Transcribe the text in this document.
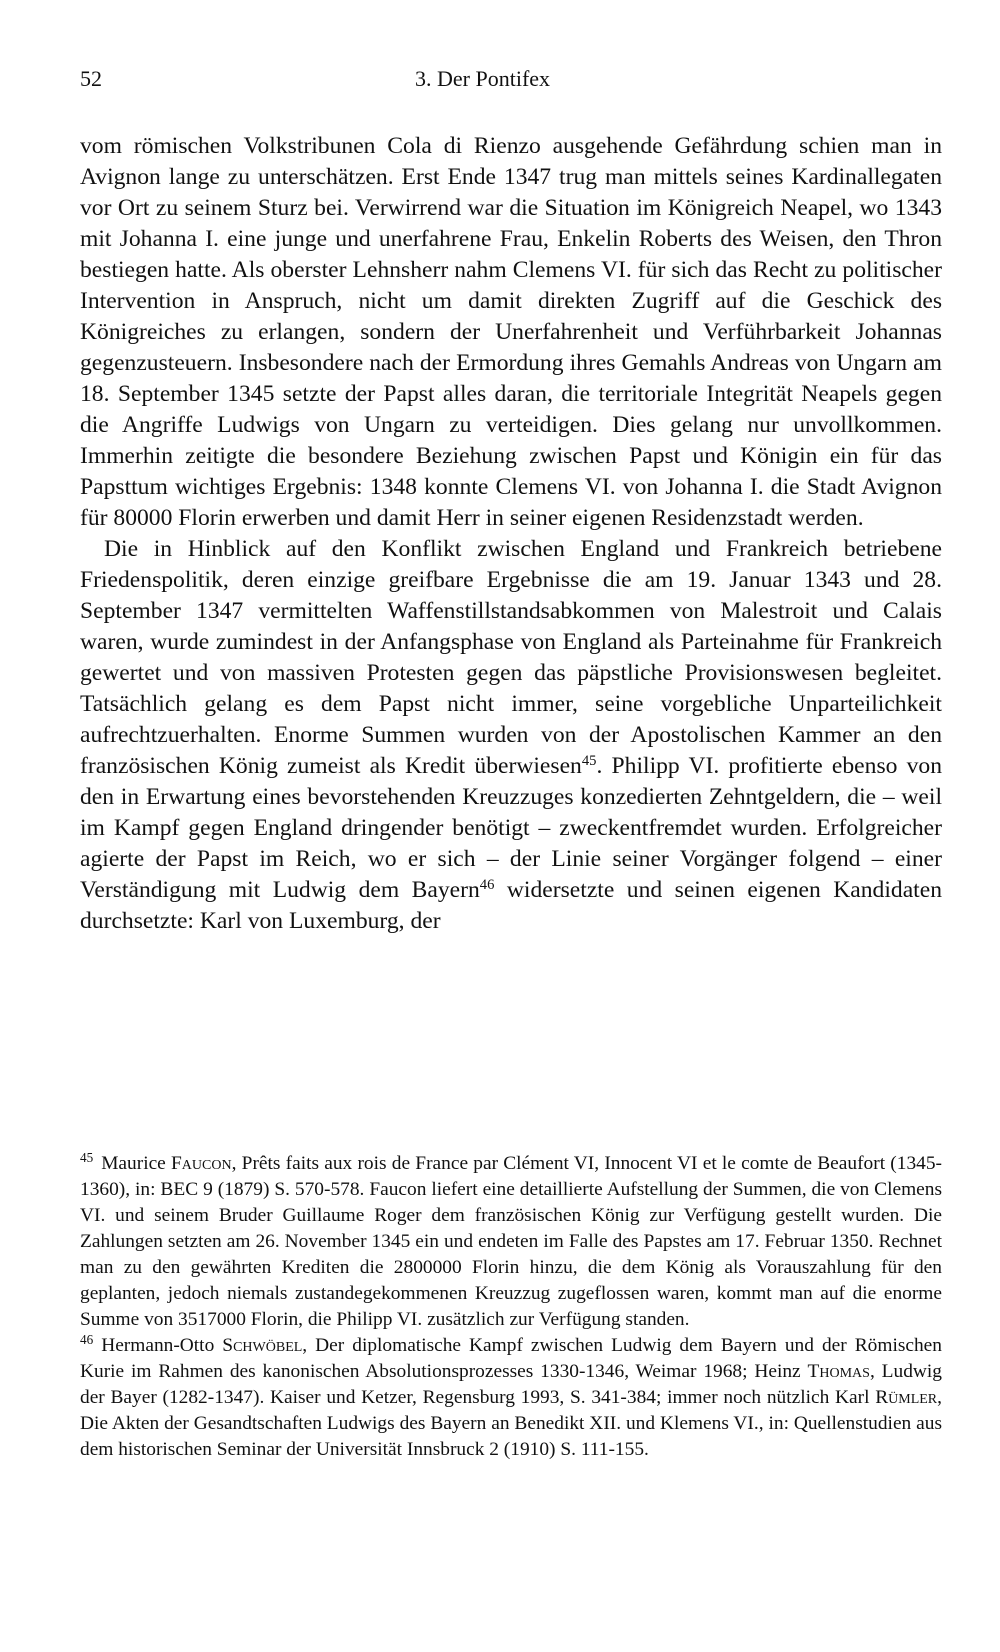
52	3. Der Pontifex

vom römischen Volkstribunen Cola di Rienzo ausgehende Gefährdung schien man in Avignon lange zu unterschätzen. Erst Ende 1347 trug man mittels seines Kardinallegaten vor Ort zu seinem Sturz bei. Verwirrend war die Situation im Königreich Neapel, wo 1343 mit Johanna I. eine junge und unerfahrene Frau, Enkelin Roberts des Weisen, den Thron bestiegen hatte. Als oberster Lehnsherr nahm Clemens VI. für sich das Recht zu politischer Intervention in Anspruch, nicht um damit direkten Zugriff auf die Geschick des Königreiches zu erlangen, sondern der Unerfahrenheit und Verführbarkeit Johannas gegenzusteuern. Insbesondere nach der Ermordung ihres Gemahls Andreas von Ungarn am 18. September 1345 setzte der Papst alles daran, die territoriale Integrität Neapels gegen die Angriffe Ludwigs von Ungarn zu verteidigen. Dies gelang nur unvollkommen. Immerhin zeitigte die besondere Beziehung zwischen Papst und Königin ein für das Papsttum wichtiges Ergebnis: 1348 konnte Clemens VI. von Johanna I. die Stadt Avignon für 80000 Florin erwerben und damit Herr in seiner eigenen Residenzstadt werden.

Die in Hinblick auf den Konflikt zwischen England und Frankreich betriebene Friedenspolitik, deren einzige greifbare Ergebnisse die am 19. Januar 1343 und 28. September 1347 vermittelten Waffenstillstandsabkommen von Malestroit und Calais waren, wurde zumindest in der Anfangsphase von England als Parteinahme für Frankreich gewertet und von massiven Protesten gegen das päpstliche Provisionswesen begleitet. Tatsächlich gelang es dem Papst nicht immer, seine vorgebliche Unparteilichkeit aufrechtzuerhalten. Enorme Summen wurden von der Apostolischen Kammer an den französischen König zumeist als Kredit überwiesen$^{45}$. Philipp VI. profitierte ebenso von den in Erwartung eines bevorstehenden Kreuzzuges konzedierten Zehntgeldern, die – weil im Kampf gegen England dringender benötigt – zweckentfremdet wurden. Erfolgreicher agierte der Papst im Reich, wo er sich – der Linie seiner Vorgänger folgend – einer Verständigung mit Ludwig dem Bayern$^{46}$ widersetzte und seinen eigenen Kandidaten durchsetzte: Karl von Luxemburg, der

$^{45}$ Maurice Faucon, Prêts faits aux rois de France par Clément VI, Innocent VI et le comte de Beaufort (1345-1360), in: BEC 9 (1879) S. 570-578. Faucon liefert eine detaillierte Aufstellung der Summen, die von Clemens VI. und seinem Bruder Guillaume Roger dem französischen König zur Verfügung gestellt wurden. Die Zahlungen setzten am 26. November 1345 ein und endeten im Falle des Papstes am 17. Februar 1350. Rechnet man zu den gewährten Krediten die 2800000 Florin hinzu, die dem König als Vorauszahlung für den geplanten, jedoch niemals zustandegekommenen Kreuzzug zugeflossen waren, kommt man auf die enorme Summe von 3517000 Florin, die Philipp VI. zusätzlich zur Verfügung standen.

$^{46}$ Hermann-Otto Schwöbel, Der diplomatische Kampf zwischen Ludwig dem Bayern und der Römischen Kurie im Rahmen des kanonischen Absolutionsprozesses 1330-1346, Weimar 1968; Heinz Thomas, Ludwig der Bayer (1282-1347). Kaiser und Ketzer, Regensburg 1993, S. 341-384; immer noch nützlich Karl Rümler, Die Akten der Gesandtschaften Ludwigs des Bayern an Benedikt XII. und Klemens VI., in: Quellenstudien aus dem historischen Seminar der Universität Innsbruck 2 (1910) S. 111-155.
